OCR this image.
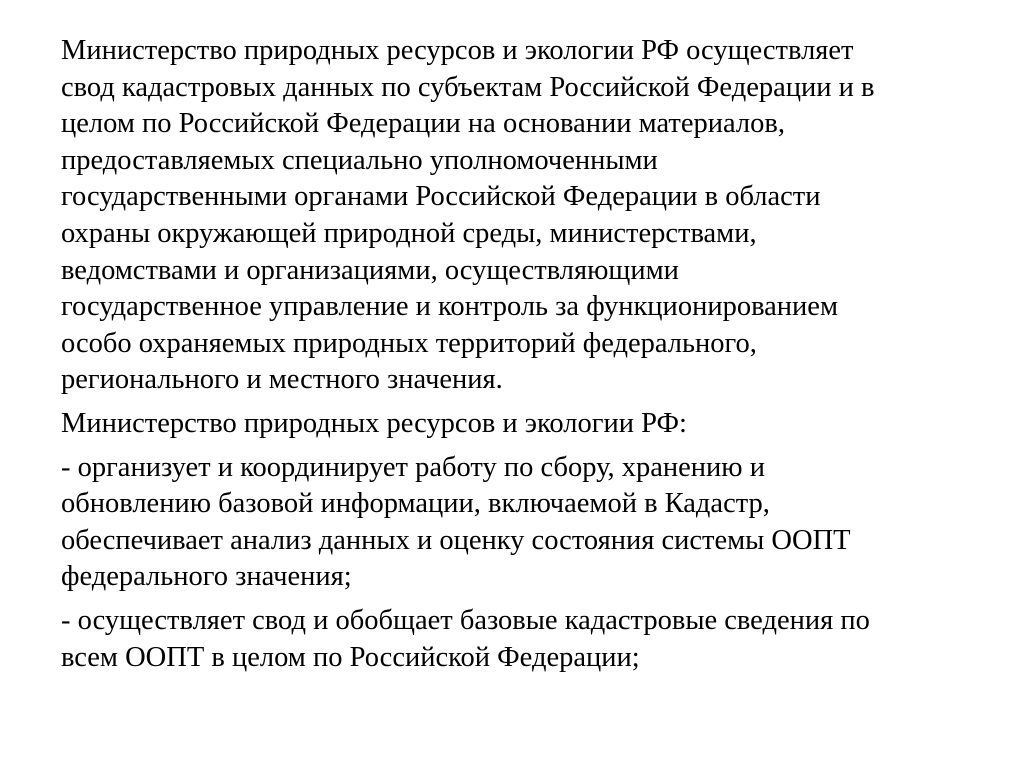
Министерство природных ресурсов и экологии РФ осуществляет
свод кадастровых данных по субъектам Российской Федерации и в
целом по Российской Федерации на основании материалов,
предоставляемых специально уполномоченными
государственными органами Российской Федерации в области
охраны окружающей природной среды, министерствами,
ведомствами и организациями, осуществляющими
государственное управление и контроль за функционированием
особо охраняемых природных территорий федерального,
регионального и местного значения.

Министерство природных ресурсов и экологии РФ:

- организует и координирует работу по сбору, хранению и
обновлению базовой информации, включаемой в Кадастр,
обеспечивает анализ данных и оценку состояния системы ООПТ
федерального значения;

- осуществляет свод и обобщает базовые кадастровые сведения по
всем ООПТ в целом по Российской Федерации;
